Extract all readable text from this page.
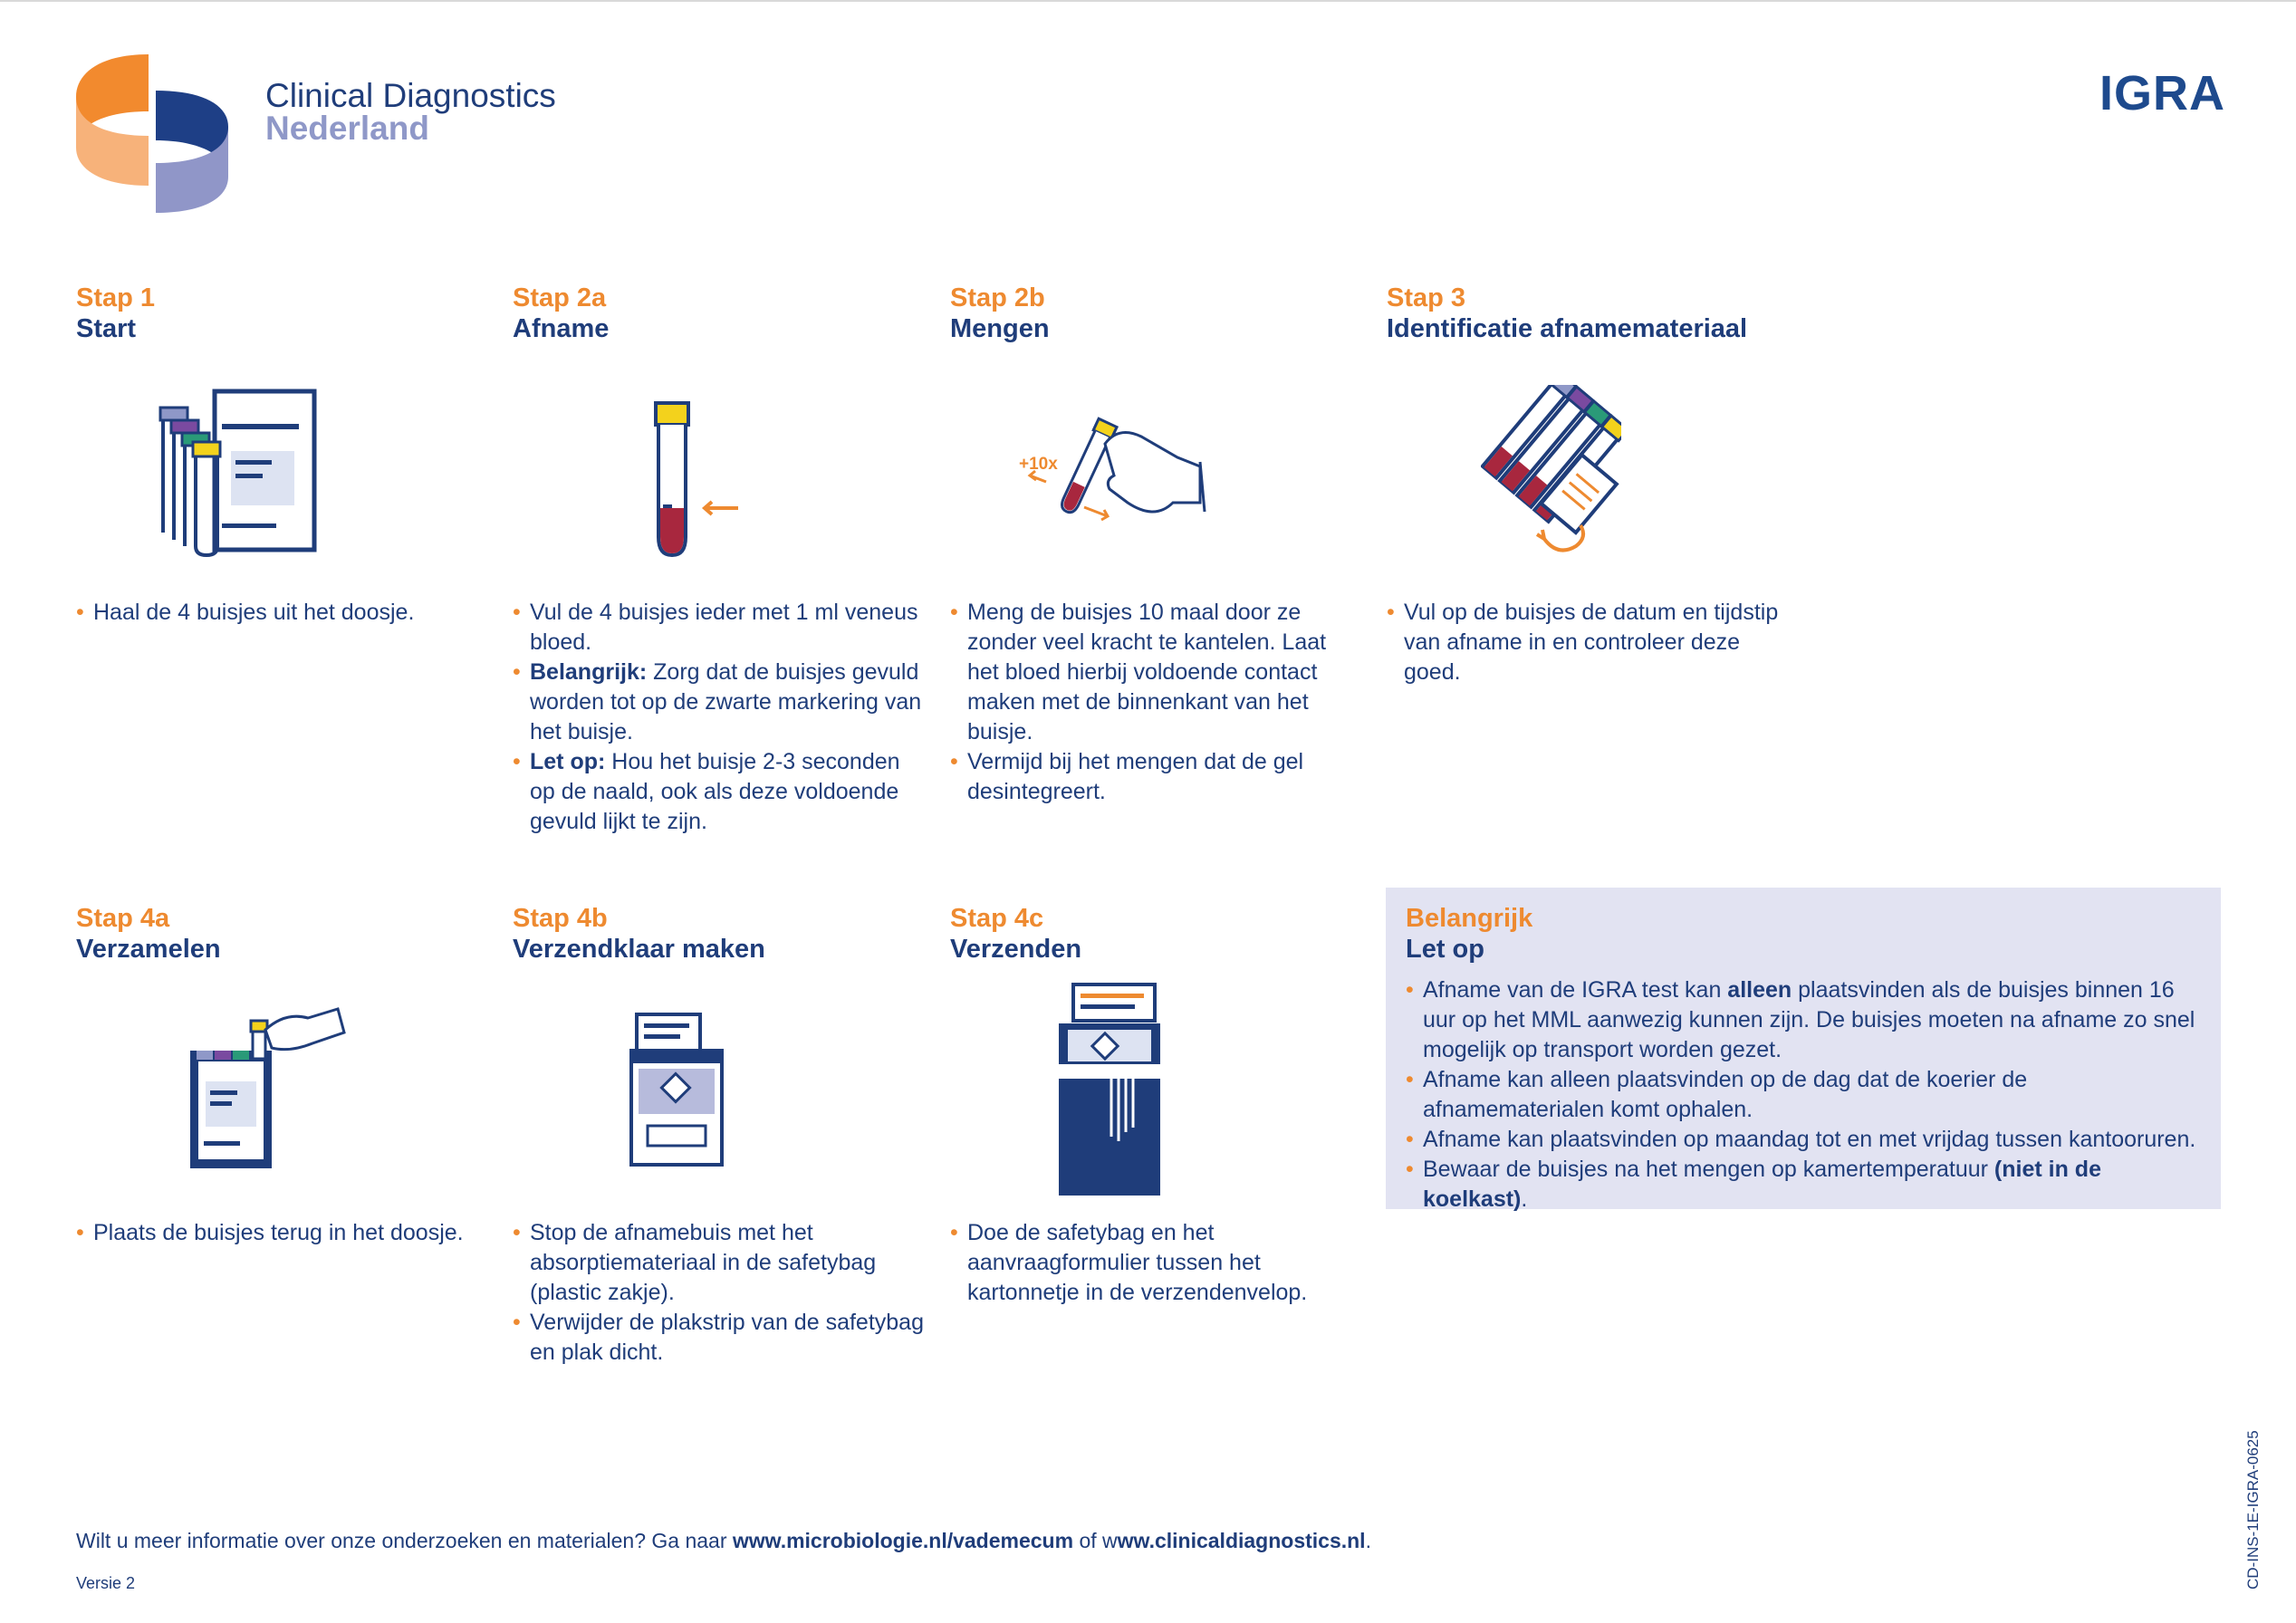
Clinical Diagnostics
Nederland
IGRA
Stap 1
Start
• Haal de 4 buisjes uit het doosje.
Stap 2a
Afname
• Vul de 4 buisjes ieder met 1 ml veneus bloed.
• Belangrijk: Zorg dat de buisjes gevuld worden tot op de zwarte markering van het buisje.
• Let op: Hou het buisje 2-3 seconden op de naald, ook als deze voldoende gevuld lijkt te zijn.
Stap 2b
Mengen
+10x
• Meng de buisjes 10 maal door ze zonder veel kracht te kantelen. Laat het bloed hierbij voldoende contact maken met de binnenkant van het buisje.
• Vermijd bij het mengen dat de gel desintegreert.
Stap 3
Identificatie afnamemateriaal
• Vul op de buisjes de datum en tijdstip van afname in en controleer deze goed.
Stap 4a
Verzamelen
• Plaats de buisjes terug in het doosje.
Stap 4b
Verzendklaar maken
• Stop de afnamebuis met het absorptiemateriaal in de safetybag (plastic zakje).
• Verwijder de plakstrip van de safetybag en plak dicht.
Stap 4c
Verzenden
• Doe de safetybag en het aanvraagformulier tussen het kartonnetje in de verzendenvelop.
Belangrijk
Let op
• Afname van de IGRA test kan alleen plaatsvinden als de buisjes binnen 16 uur op het MML aanwezig kunnen zijn. De buisjes moeten na afname zo snel mogelijk op transport worden gezet.
• Afname kan alleen plaatsvinden op de dag dat de koerier de afnamematerialen komt ophalen.
• Afname kan plaatsvinden op maandag tot en met vrijdag tussen kantooruren.
• Bewaar de buisjes na het mengen op kamertemperatuur (niet in de koelkast).
Wilt u meer informatie over onze onderzoeken en materialen? Ga naar www.microbiologie.nl/vademecum of www.clinicaldiagnostics.nl.
Versie 2	CD-INS-1E-IGRA-0625
